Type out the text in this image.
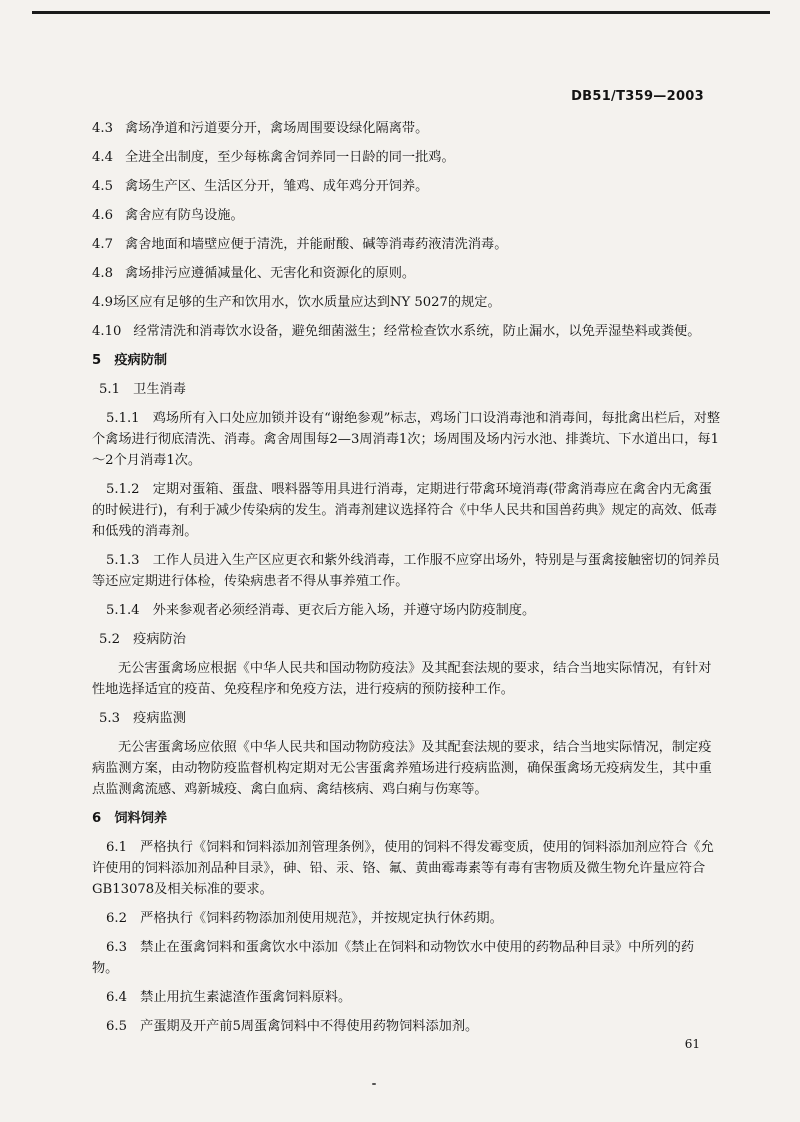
DB51/T359—2003
4.3 禽场净道和污道要分开，禽场周围要设绿化隔离带。
4.4 全进全出制度，至少每栋禽舍饲养同一日龄的同一批鸡。
4.5 禽场生产区、生活区分开，雏鸡、成年鸡分开饲养。
4.6 禽舍应有防鸟设施。
4.7 禽舍地面和墙壁应便于清洗，并能耐酸、碱等消毒药液清洗消毒。
4.8 禽场排污应遵循减量化、无害化和资源化的原则。
4.9场区应有足够的生产和饮用水，饮水质量应达到NY 5027的规定。
4.10 经常清洗和消毒饮水设备，避免细菌滋生；经常检查饮水系统，防止漏水，以免弄湿垫料或粪便。
5　疫病防制
5.1　卫生消毒
5.1.1　鸡场所有入口处应加锁并设有“谢绝参观”标志，鸡场门口设消毒池和消毒间，每批禽出栏后，对整个禽场进行彻底清洗、消毒。禽舍周围每2—3周消毒1次；场周围及场内污水池、排粪坑、下水道出口，每1～2个月消毒1次。
5.1.2　定期对蛋箱、蛋盘、喂料器等用具进行消毒，定期进行带禽环境消毒(带禽消毒应在禽舍内无禽蛋的时候进行)，有利于减少传染病的发生。消毒剂建议选择符合《中华人民共和国兽药典》规定的高效、低毒和低残的消毒剂。
5.1.3　工作人员进入生产区应更衣和紫外线消毒，工作服不应穿出场外，特别是与蛋禽接触密切的饲养员等还应定期进行体检，传染病患者不得从事养殖工作。
5.1.4　外来参观者必须经消毒、更衣后方能入场，并遵守场内防疫制度。
5.2　疫病防治
无公害蛋禽场应根据《中华人民共和国动物防疫法》及其配套法规的要求，结合当地实际情况，有针对性地选择适宜的疫苗、免疫程序和免疫方法，进行疫病的预防接种工作。
5.3　疫病监测
无公害蛋禽场应依照《中华人民共和国动物防疫法》及其配套法规的要求，结合当地实际情况，制定疫病监测方案，由动物防疫监督机构定期对无公害蛋禽养殖场进行疫病监测，确保蛋禽场无疫病发生，其中重点监测禽流感、鸡新城疫、禽白血病、禽结核病、鸡白痢与伤寒等。
6　饲料饲养
6.1　严格执行《饲料和饲料添加剂管理条例》，使用的饲料不得发霉变质，使用的饲料添加剂应符合《允许使用的饲料添加剂品种目录》，砷、铅、汞、铬、氟、黄曲霉毒素等有毒有害物质及微生物允许量应符合GB13078及相关标准的要求。
6.2　严格执行《饲料药物添加剂使用规范》，并按规定执行休药期。
6.3　禁止在蛋禽饲料和蛋禽饮水中添加《禁止在饲料和动物饮水中使用的药物品种目录》中所列的药　物。
6.4　禁止用抗生素滤渣作蛋禽饲料原料。
6.5　产蛋期及开产前5周蛋禽饲料中不得使用药物饲料添加剂。
61
